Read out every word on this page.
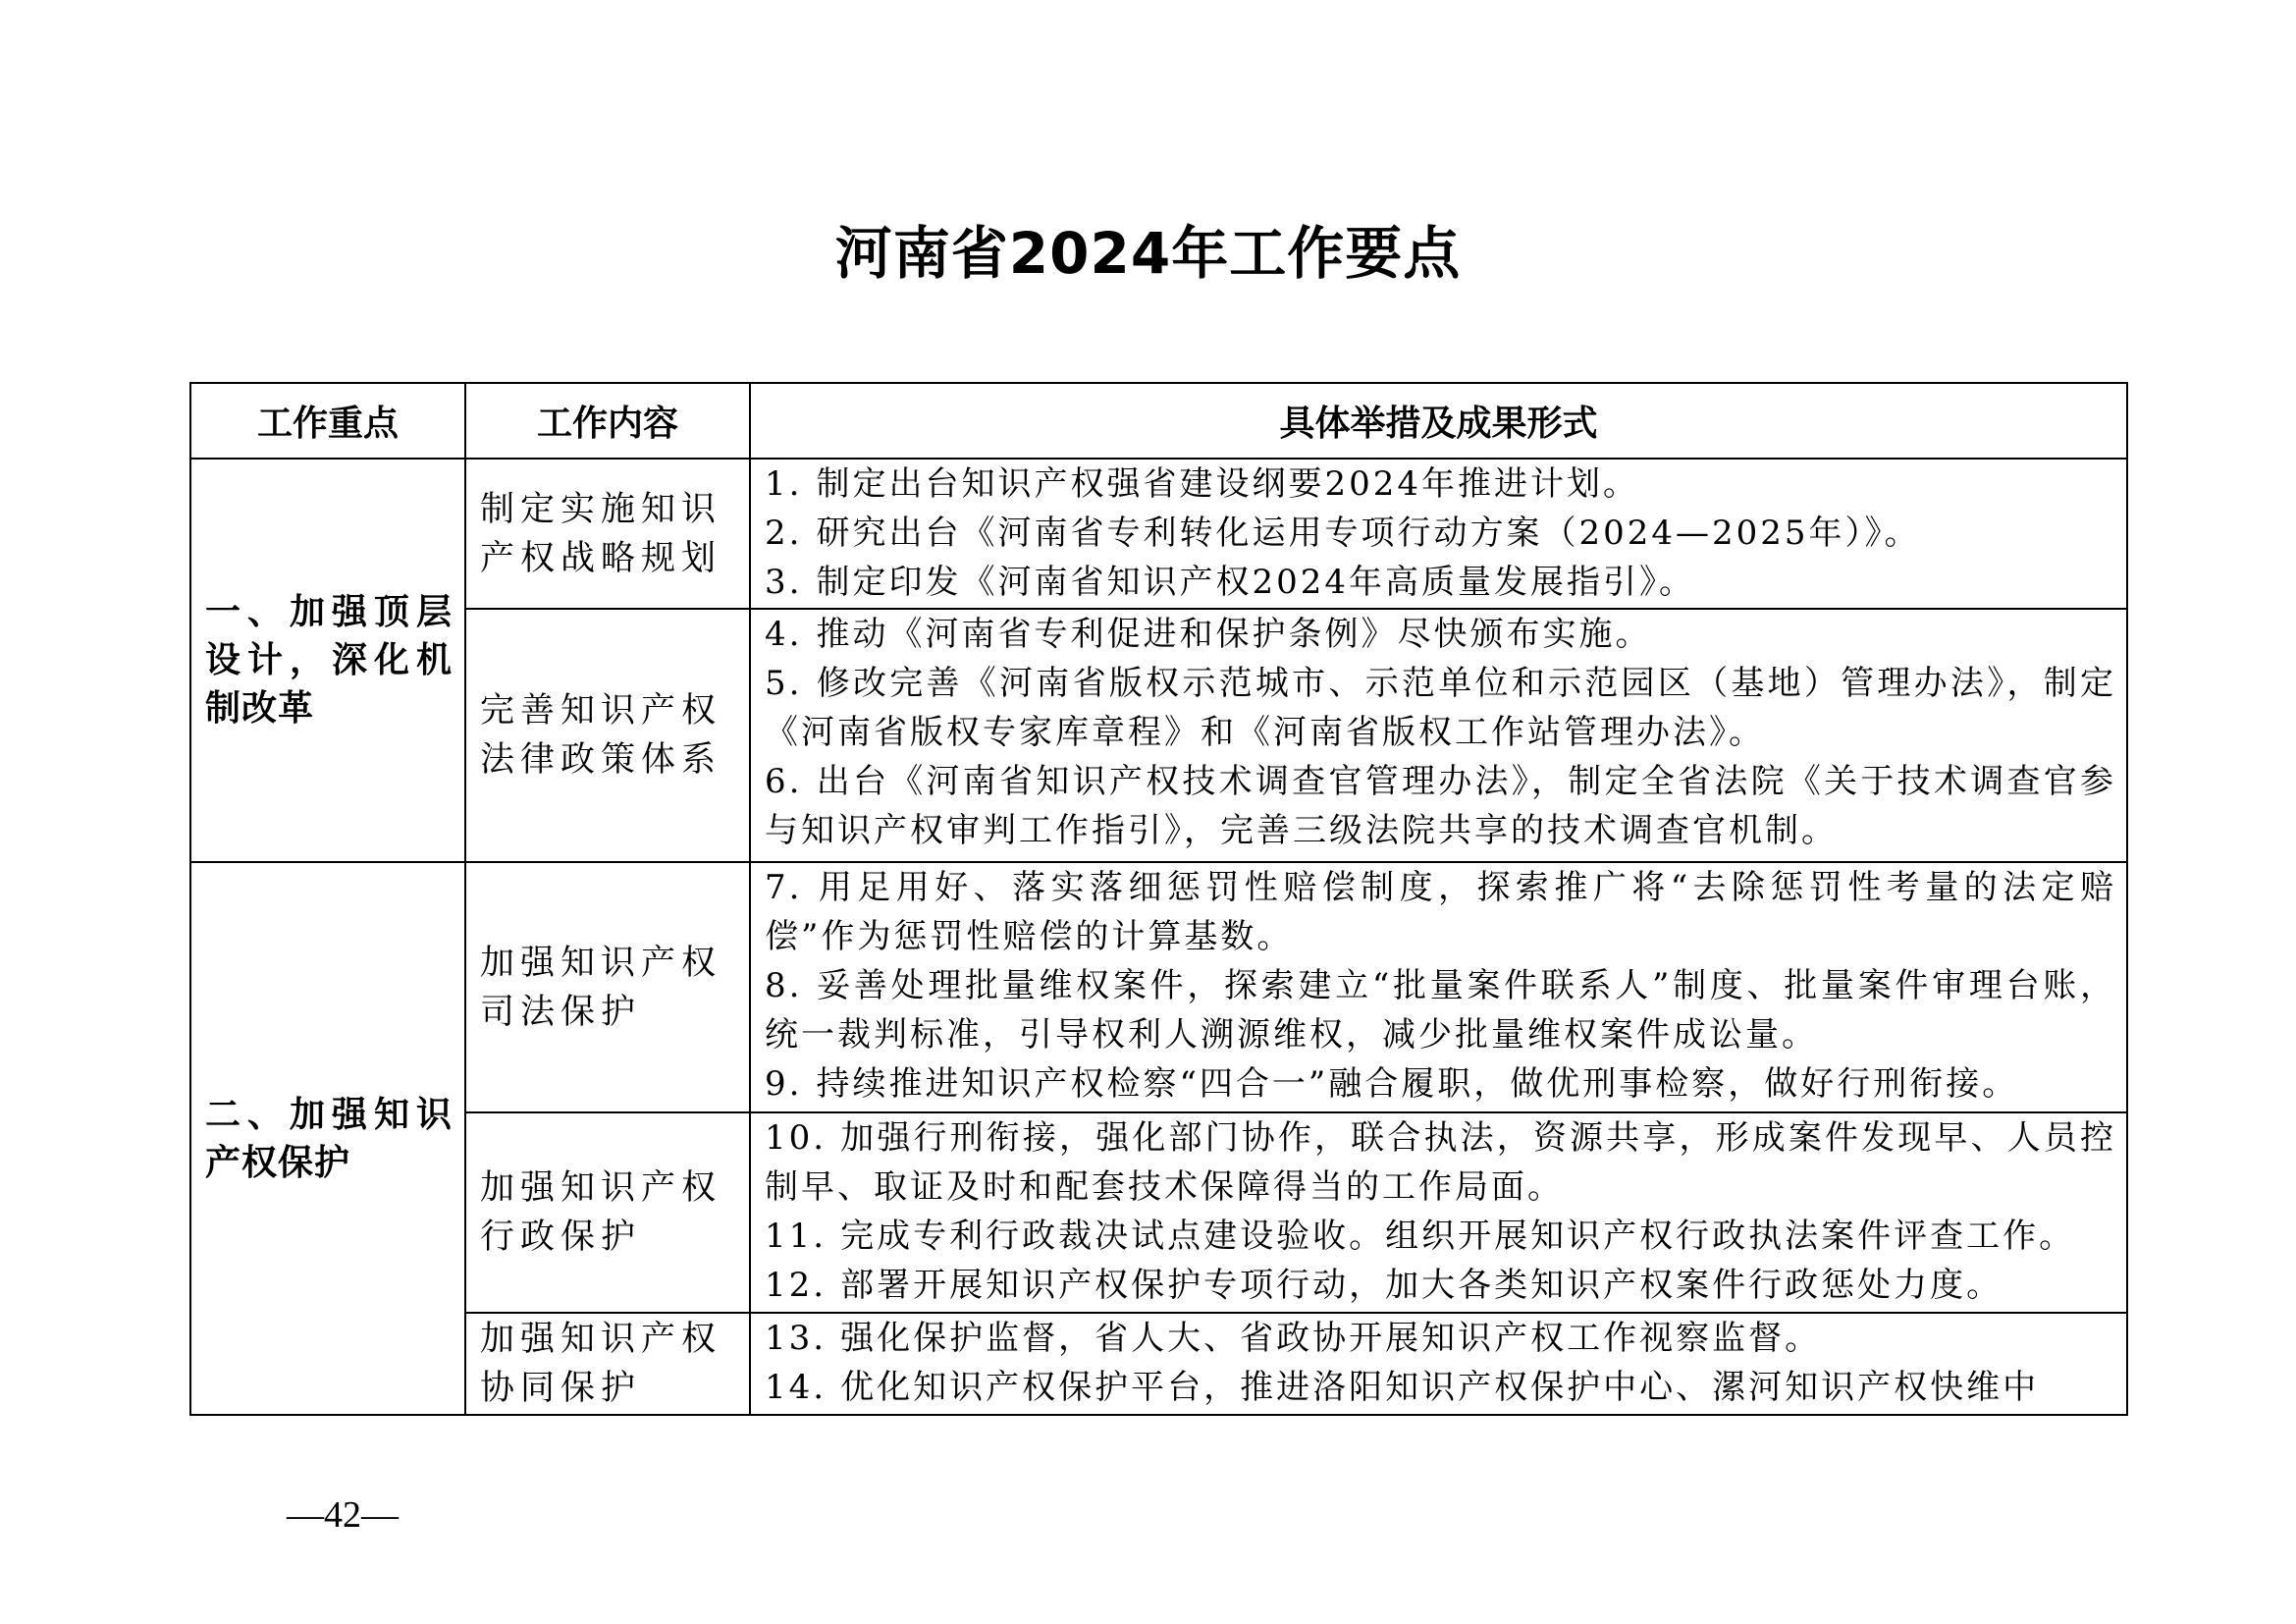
河南省2024年工作要点
工作重点	工作内容	具体举措及成果形式
一、加强顶层设计，深化机制改革	制定实施知识产权战略规划	1. 制定出台知识产权强省建设纲要2024年推进计划。
2. 研究出台《河南省专利转化运用专项行动方案（2024—2025年）》。
3. 制定印发《河南省知识产权2024年高质量发展指引》。

	完善知识产权法律政策体系	4. 推动《河南省专利促进和保护条例》尽快颁布实施。
5. 修改完善《河南省版权示范城市、示范单位和示范园区（基地）管理办法》，制定《河南省版权专家库章程》和《河南省版权工作站管理办法》。
6. 出台《河南省知识产权技术调查官管理办法》，制定全省法院《关于技术调查官参与知识产权审判工作指引》，完善三级法院共享的技术调查官机制。

二、加强知识产权保护	加强知识产权司法保护	7. 用足用好、落实落细惩罚性赔偿制度，探索推广将“去除惩罚性考量的法定赔偿”作为惩罚性赔偿的计算基数。
8. 妥善处理批量维权案件，探索建立“批量案件联系人”制度、批量案件审理台账，统一裁判标准，引导权利人溯源维权，减少批量维权案件成讼量。
9. 持续推进知识产权检察“四合一”融合履职，做优刑事检察，做好行刑衔接。

	加强知识产权行政保护	10. 加强行刑衔接，强化部门协作，联合执法，资源共享，形成案件发现早、人员控制早、取证及时和配套技术保障得当的工作局面。
11. 完成专利行政裁决试点建设验收。组织开展知识产权行政执法案件评查工作。
12. 部署开展知识产权保护专项行动，加大各类知识产权案件行政惩处力度。

	加强知识产权协同保护	13. 强化保护监督，省人大、省政协开展知识产权工作视察监督。
14. 优化知识产权保护平台，推进洛阳知识产权保护中心、漯河知识产权快维中
—42—
